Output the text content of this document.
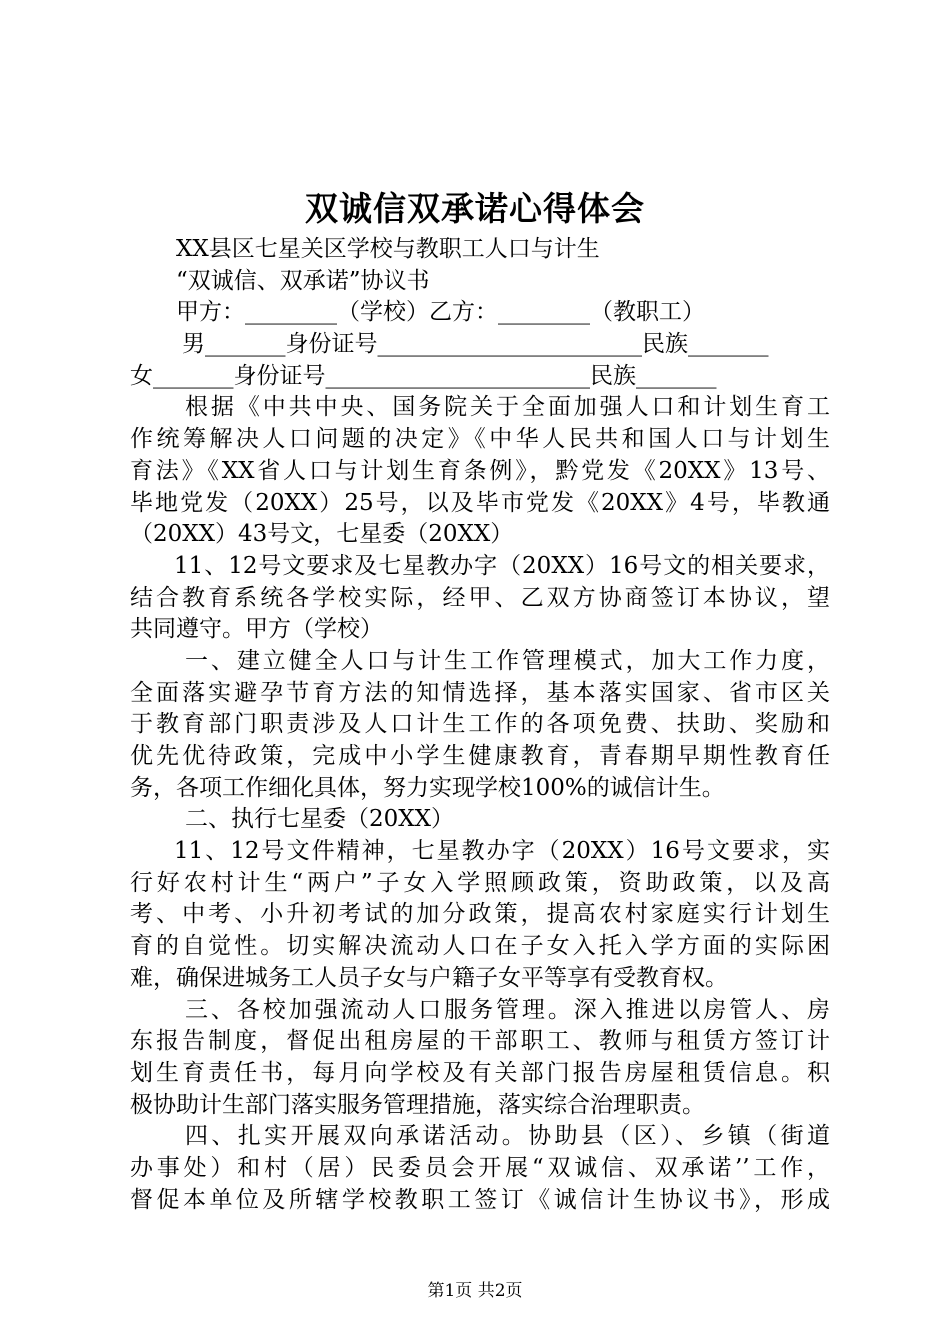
双诚信双承诺心得体会
XX县区七星关区学校与教职工人口与计生
“双诚信、双承诺”协议书
甲方：________（学校）乙方：________（教职工）
男_______身份证号_______________________民族_______
女_______身份证号_______________________民族_______
根据《中共中央、国务院关于全面加强人口和计划生育工
作统筹解决人口问题的决定》《中华人民共和国人口与计划生
育法》《XX省人口与计划生育条例》，黔党发《20XX》13号、
毕地党发（20XX）25号，以及毕市党发《20XX》4号，毕教通
（20XX）43号文，七星委（20XX）
11、12号文要求及七星教办字（20XX）16号文的相关要求，
结合教育系统各学校实际，经甲、乙双方协商签订本协议，望
共同遵守。甲方（学校）
一、建立健全人口与计生工作管理模式，加大工作力度，
全面落实避孕节育方法的知情选择，基本落实国家、省市区关
于教育部门职责涉及人口计生工作的各项免费、扶助、奖励和
优先优待政策，完成中小学生健康教育，青春期早期性教育任
务，各项工作细化具体，努力实现学校100%的诚信计生。
二、执行七星委（20XX）
11、12号文件精神，七星教办字（20XX）16号文要求，实
行好农村计生“两户”子女入学照顾政策，资助政策，以及高
考、中考、小升初考试的加分政策，提高农村家庭实行计划生
育的自觉性。切实解决流动人口在子女入托入学方面的实际困
难，确保进城务工人员子女与户籍子女平等享有受教育权。
三、各校加强流动人口服务管理。深入推进以房管人、房
东报告制度，督促出租房屋的干部职工、教师与租赁方签订计
划生育责任书，每月向学校及有关部门报告房屋租赁信息。积
极协助计生部门落实服务管理措施，落实综合治理职责。
四、扎实开展双向承诺活动。协助县（区）、乡镇（街道
办事处）和村（居）民委员会开展“双诚信、双承诺’’工作，
督促本单位及所辖学校教职工签订《诚信计生协议书》，形成
第1页 共2页
